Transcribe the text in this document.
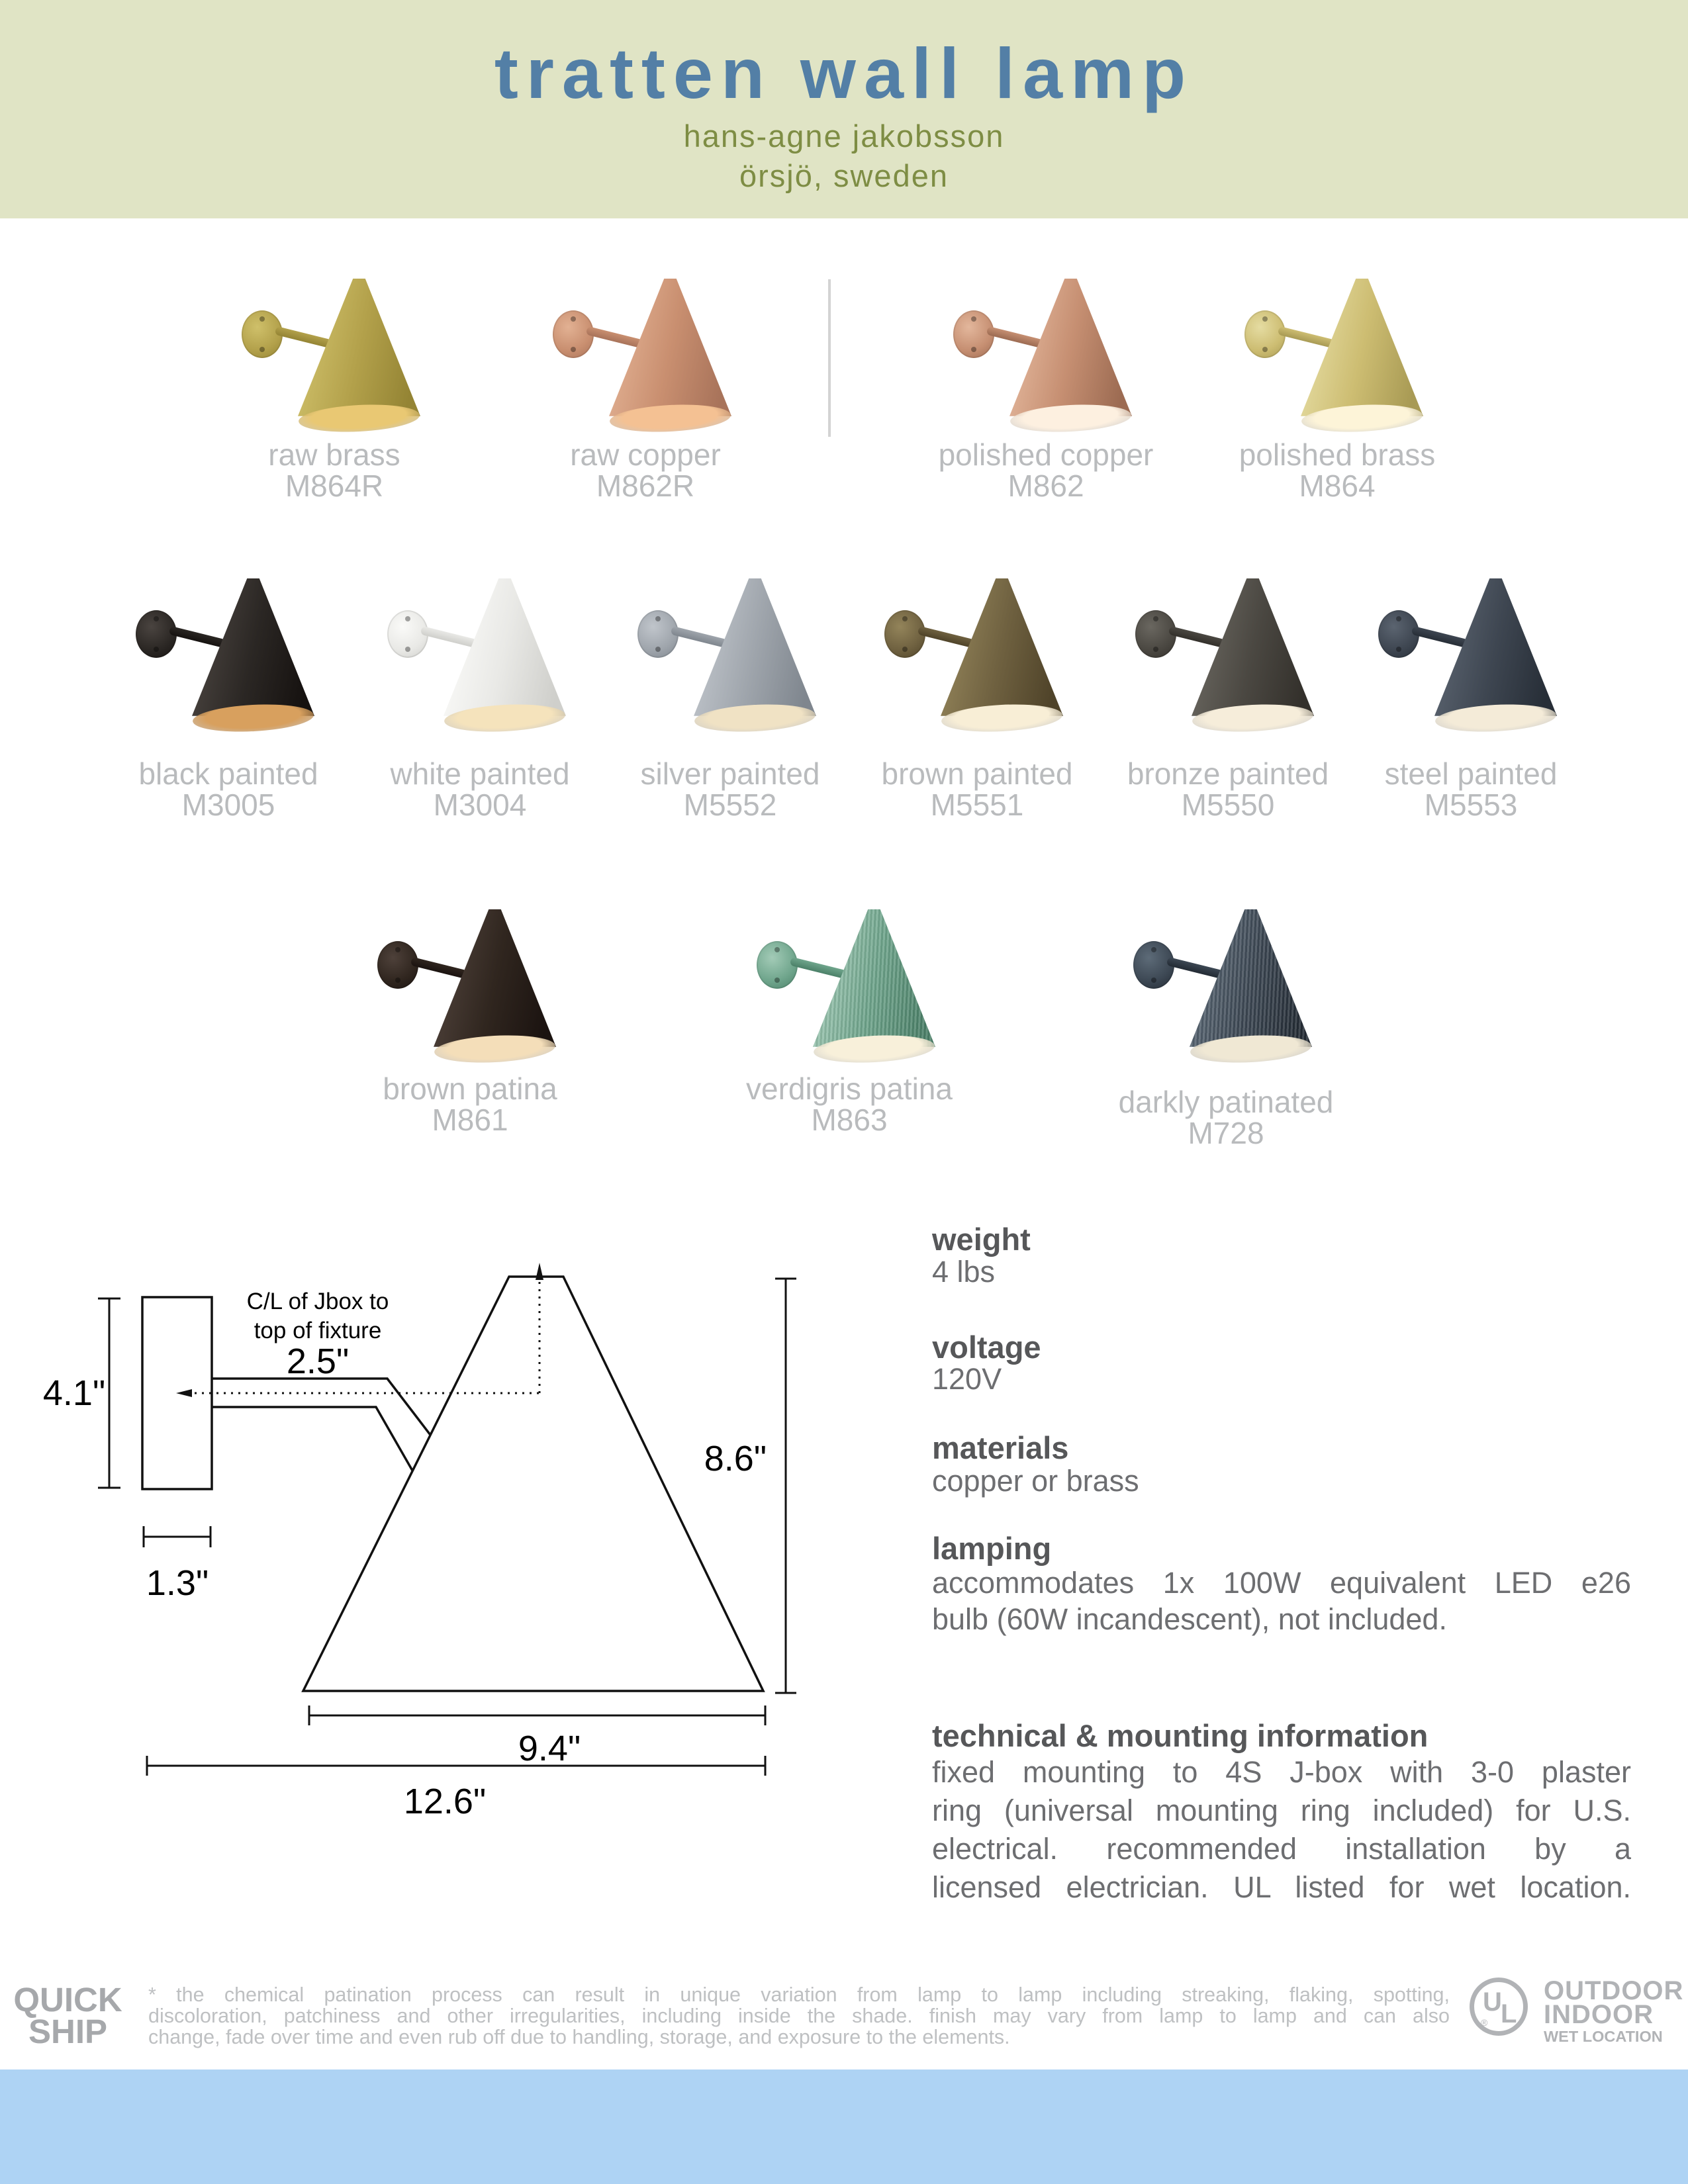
tratten wall lamp
hans-agne jakobsson
örsjö, sweden
raw brass
M864R
raw copper
M862R
polished copper
M862
polished brass
M864
black painted
M3005
white painted
M3004
silver painted
M5552
brown painted
M5551
bronze painted
M5550
steel painted
M5553
brown patina
M861
verdigris patina
M863
darkly patinated
M728
C/L of Jbox to
top of fixture
2.5"
4.1"
1.3"
8.6"
9.4"
12.6"
weight
4 lbs
voltage
120V
materials
copper or brass
lamping
accommodates 1x 100W equivalent LED e26
bulb (60W incandescent), not included.
technical & mounting information
fixed mounting to 4S J-box with 3-0 plaster
ring (universal mounting ring included) for U.S.
electrical. recommended installation by a
licensed electrician. UL listed for wet location.
QUICK
SHIP
* the chemical patination process can result in unique variation from lamp to lamp including streaking, flaking, spotting,
discoloration, patchiness and other irregularities, including inside the shade. finish may vary from lamp to lamp and can also
change, fade over time and even rub off due to handling, storage, and exposure to the elements.
U
L
®
OUTDOOR
INDOOR
WET LOCATION
